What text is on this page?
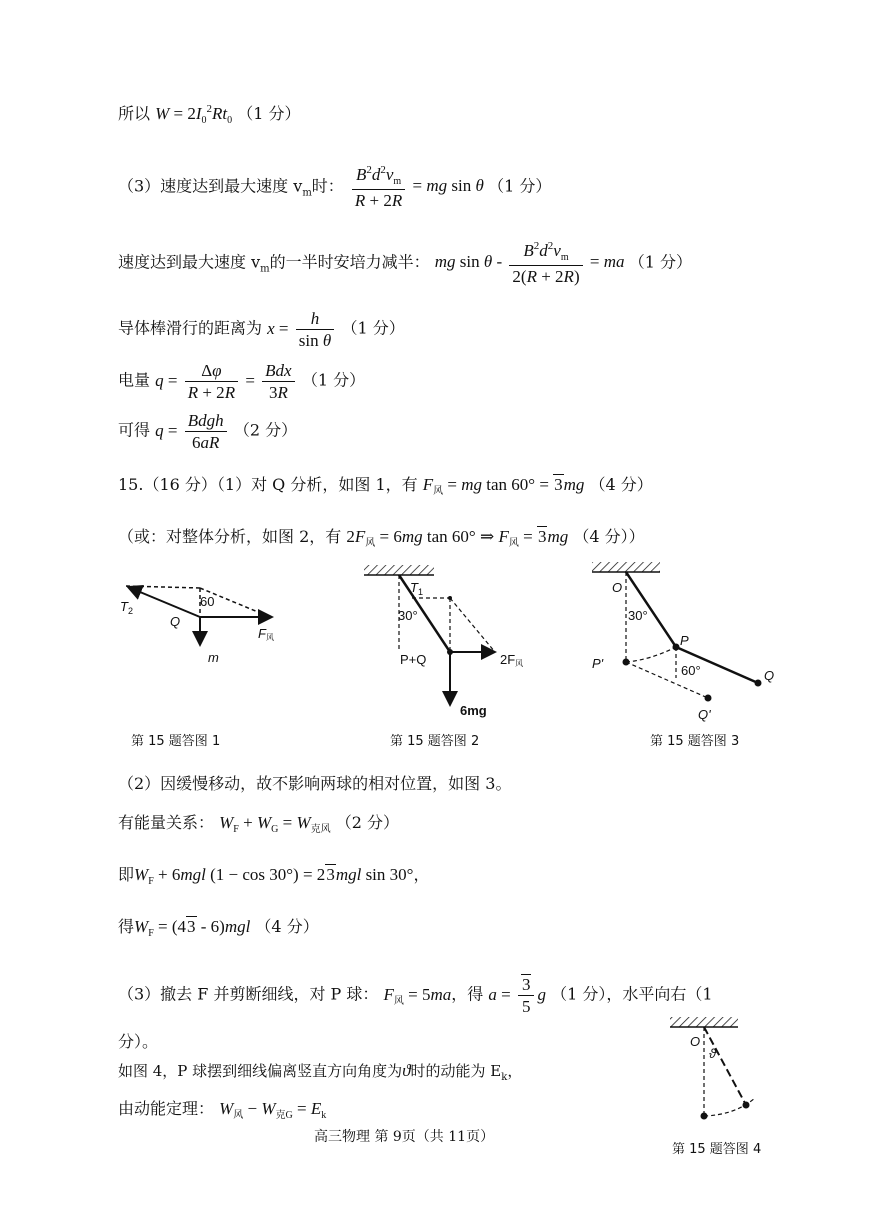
所以 $W = 2I_0^2Rt_0$ （1 分）
（3）速度达到最大速度 $v_m$时： $\frac{B^2d^2v_m}{R + 2R}$ = mg sin θ （1 分）
速度达到最大速度 $v_m$的一半时安培力减半： mg sin θ - $\frac{B^2d^2v_m}{2(R + 2R)}$ = ma （1 分）
导体棒滑行的距离为 $x = \frac{h}{\text{sin θ}} (1$ 分）
电量 $q = \frac{\Delta\varphi}{R + 2R} = \frac{\text{Bdx}}{3R} (1$ 分）
可得 $q = \frac{\text{Bdgh}}{6aR} (2$ 分）
15.（16 分）（1）对 Q 分析，如图 1，有 $F_风$ = mg tan 60° = 3mg （4 分）
（或：对整体分析，如图 2，有 $2F_风 = 6mg$ tan 60° ⇒ $F_风 = 3mg$ （4 分））
$T_2$
60
Q
F风
m
$T_1$
30°
P+Q	2F风
6mg
O
30°
P
P'	60°	Q
Q'
O
ϑ
第 15 题答图 1	第 15 题答图 2	第 15 题答图 3
第 15 题答图 4
（2）因缓慢移动，故不影响两球的相对位置，如图 3。
有能量关系： $W_F + W_G = W_{克风}$ （2 分）
即$W_F + 6mgl$ (1 − cos 30°) = 23mgl sin 30°，
得$W_F = (43 - 6)mgl$ （4 分）
（3）撤去 F 并剪断细线，对 P 球： $F_风 = 5ma$，得 $a = \frac{3}{5}$ g （1 分），水平向右（1
分）。
如图 4，P 球摆到细线偏离竖直方向角度为ϑ时的动能为 $E_k$，
由动能定理： $W_风 - W_{克G} = E_k$
高三物理 第 9页（共 11页）
